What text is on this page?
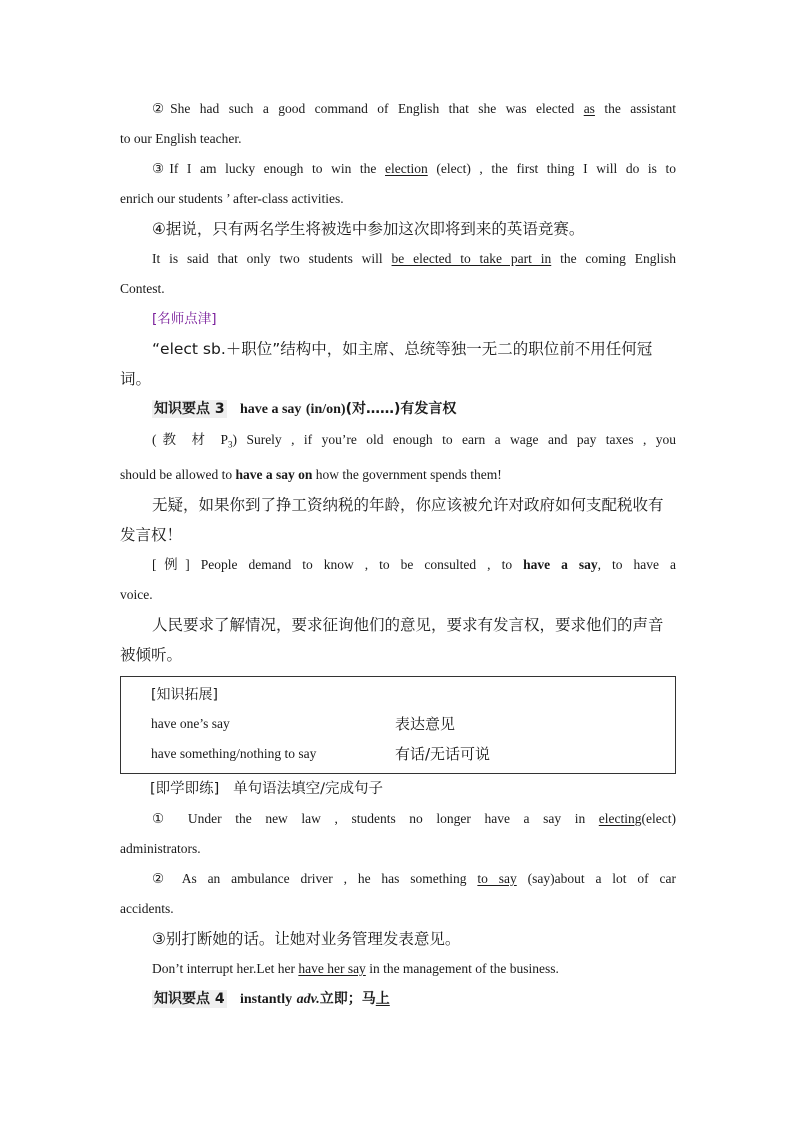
②She had such a good command of English that she was elected as the assistant

to our English teacher.

③If I am lucky enough to win the election (elect) , the first thing I will do is to

enrich our students ’ after-class activities.

④据说，只有两名学生将被选中参加这次即将到来的英语竞赛。

It is said that only two students will be elected to take part in the coming English

Contest.

[名师点津]

“elect sb.＋职位”结构中，如主席、总统等独一无二的职位前不用任何冠

词。

知识要点 3 have a say (in/on)(对……)有发言权

(教 材 $P_3$) Surely , if you’re old enough to earn a wage and pay taxes , you

should be allowed to have a say on how the government spends them!

无疑，如果你到了挣工资纳税的年龄，你应该被允许对政府如何支配税收有

发言权！

[例] People demand to know , to be consulted , to have a say, to have a

voice.

人民要求了解情况，要求征询他们的意见，要求有发言权，要求他们的声音

被倾听。

[知识拓展]
have one’s say	表达意见
have something/nothing to say	有话/无话可说

[即学即练] 单句语法填空/完成句子

① Under the new law , students no longer have a say in electing(elect)

administrators.

② As an ambulance driver , he has something to say (say)about a lot of car

accidents.

③别打断她的话。让她对业务管理发表意见。

Don’t interrupt her.Let her have her say in the management of the business.

知识要点 4 instantly adv.立即；马上
